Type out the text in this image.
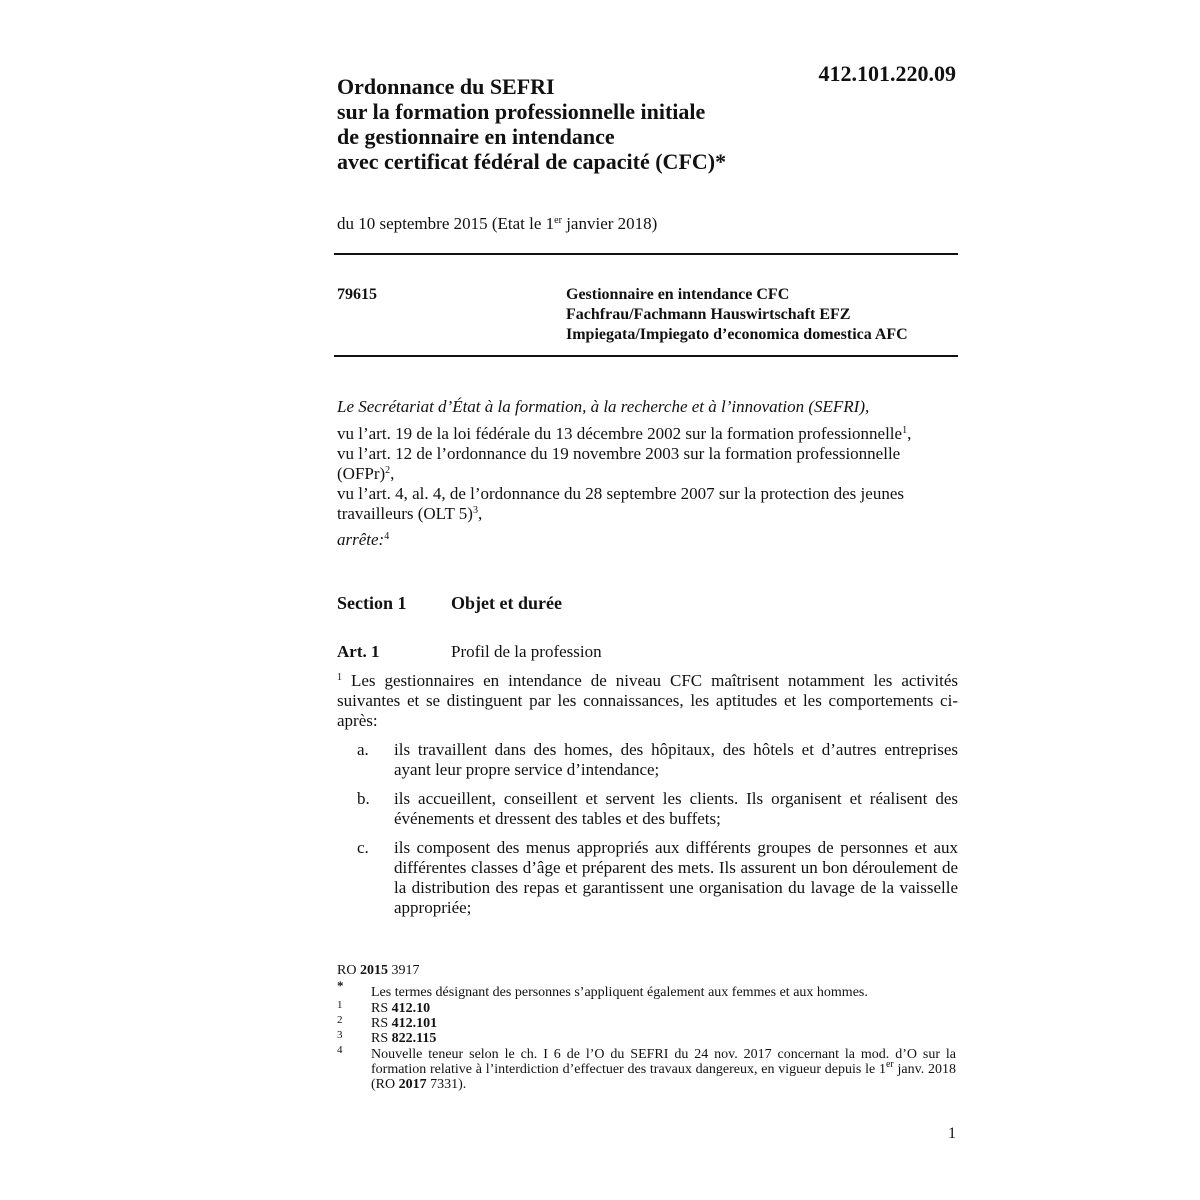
Ordonnance du SEFRI
sur la formation professionnelle initiale
de gestionnaire en intendance
avec certificat fédéral de capacité (CFC)*
412.101.220.09
du 10 septembre 2015 (Etat le 1er janvier 2018)
79615	Gestionnaire en intendance CFC
Fachfrau/Fachmann Hauswirtschaft EFZ
Impiegata/Impiegato d’economica domestica AFC
Le Secrétariat d’État à la formation, à la recherche et à l’innovation (SEFRI),
vu l’art. 19 de la loi fédérale du 13 décembre 2002 sur la formation professionnelle$^1$,
vu l’art. 12 de l’ordonnance du 19 novembre 2003 sur la formation professionnelle (OFPr)$^2$,
vu l’art. 4, al. 4, de l’ordonnance du 28 septembre 2007 sur la protection des jeunes travailleurs (OLT 5)$^3$,
arrête:$^4$
Section 1 Objet et durée
Art. 1	Profil de la profession
$^1$ Les gestionnaires en intendance de niveau CFC maîtrisent notamment les activités suivantes et se distinguent par les connaissances, les aptitudes et les comportements ci-après:
a. ils travaillent dans des homes, des hôpitaux, des hôtels et d’autres entreprises ayant leur propre service d’intendance;
b. ils accueillent, conseillent et servent les clients. Ils organisent et réalisent des événements et dressent des tables et des buffets;
c. ils composent des menus appropriés aux différents groupes de personnes et aux différentes classes d’âge et préparent des mets. Ils assurent un bon déroulement de la distribution des repas et garantissent une organisation du lavage de la vaisselle appropriée;
RO 2015 3917
* Les termes désignant des personnes s’appliquent également aux femmes et aux hommes.
1 RS 412.10
2 RS 412.101
3 RS 822.115
4 Nouvelle teneur selon le ch. I 6 de l’O du SEFRI du 24 nov. 2017 concernant la mod. d’O sur la formation relative à l’interdiction d’effectuer des travaux dangereux, en vigueur depuis le 1er janv. 2018 (RO 2017 7331).
1
